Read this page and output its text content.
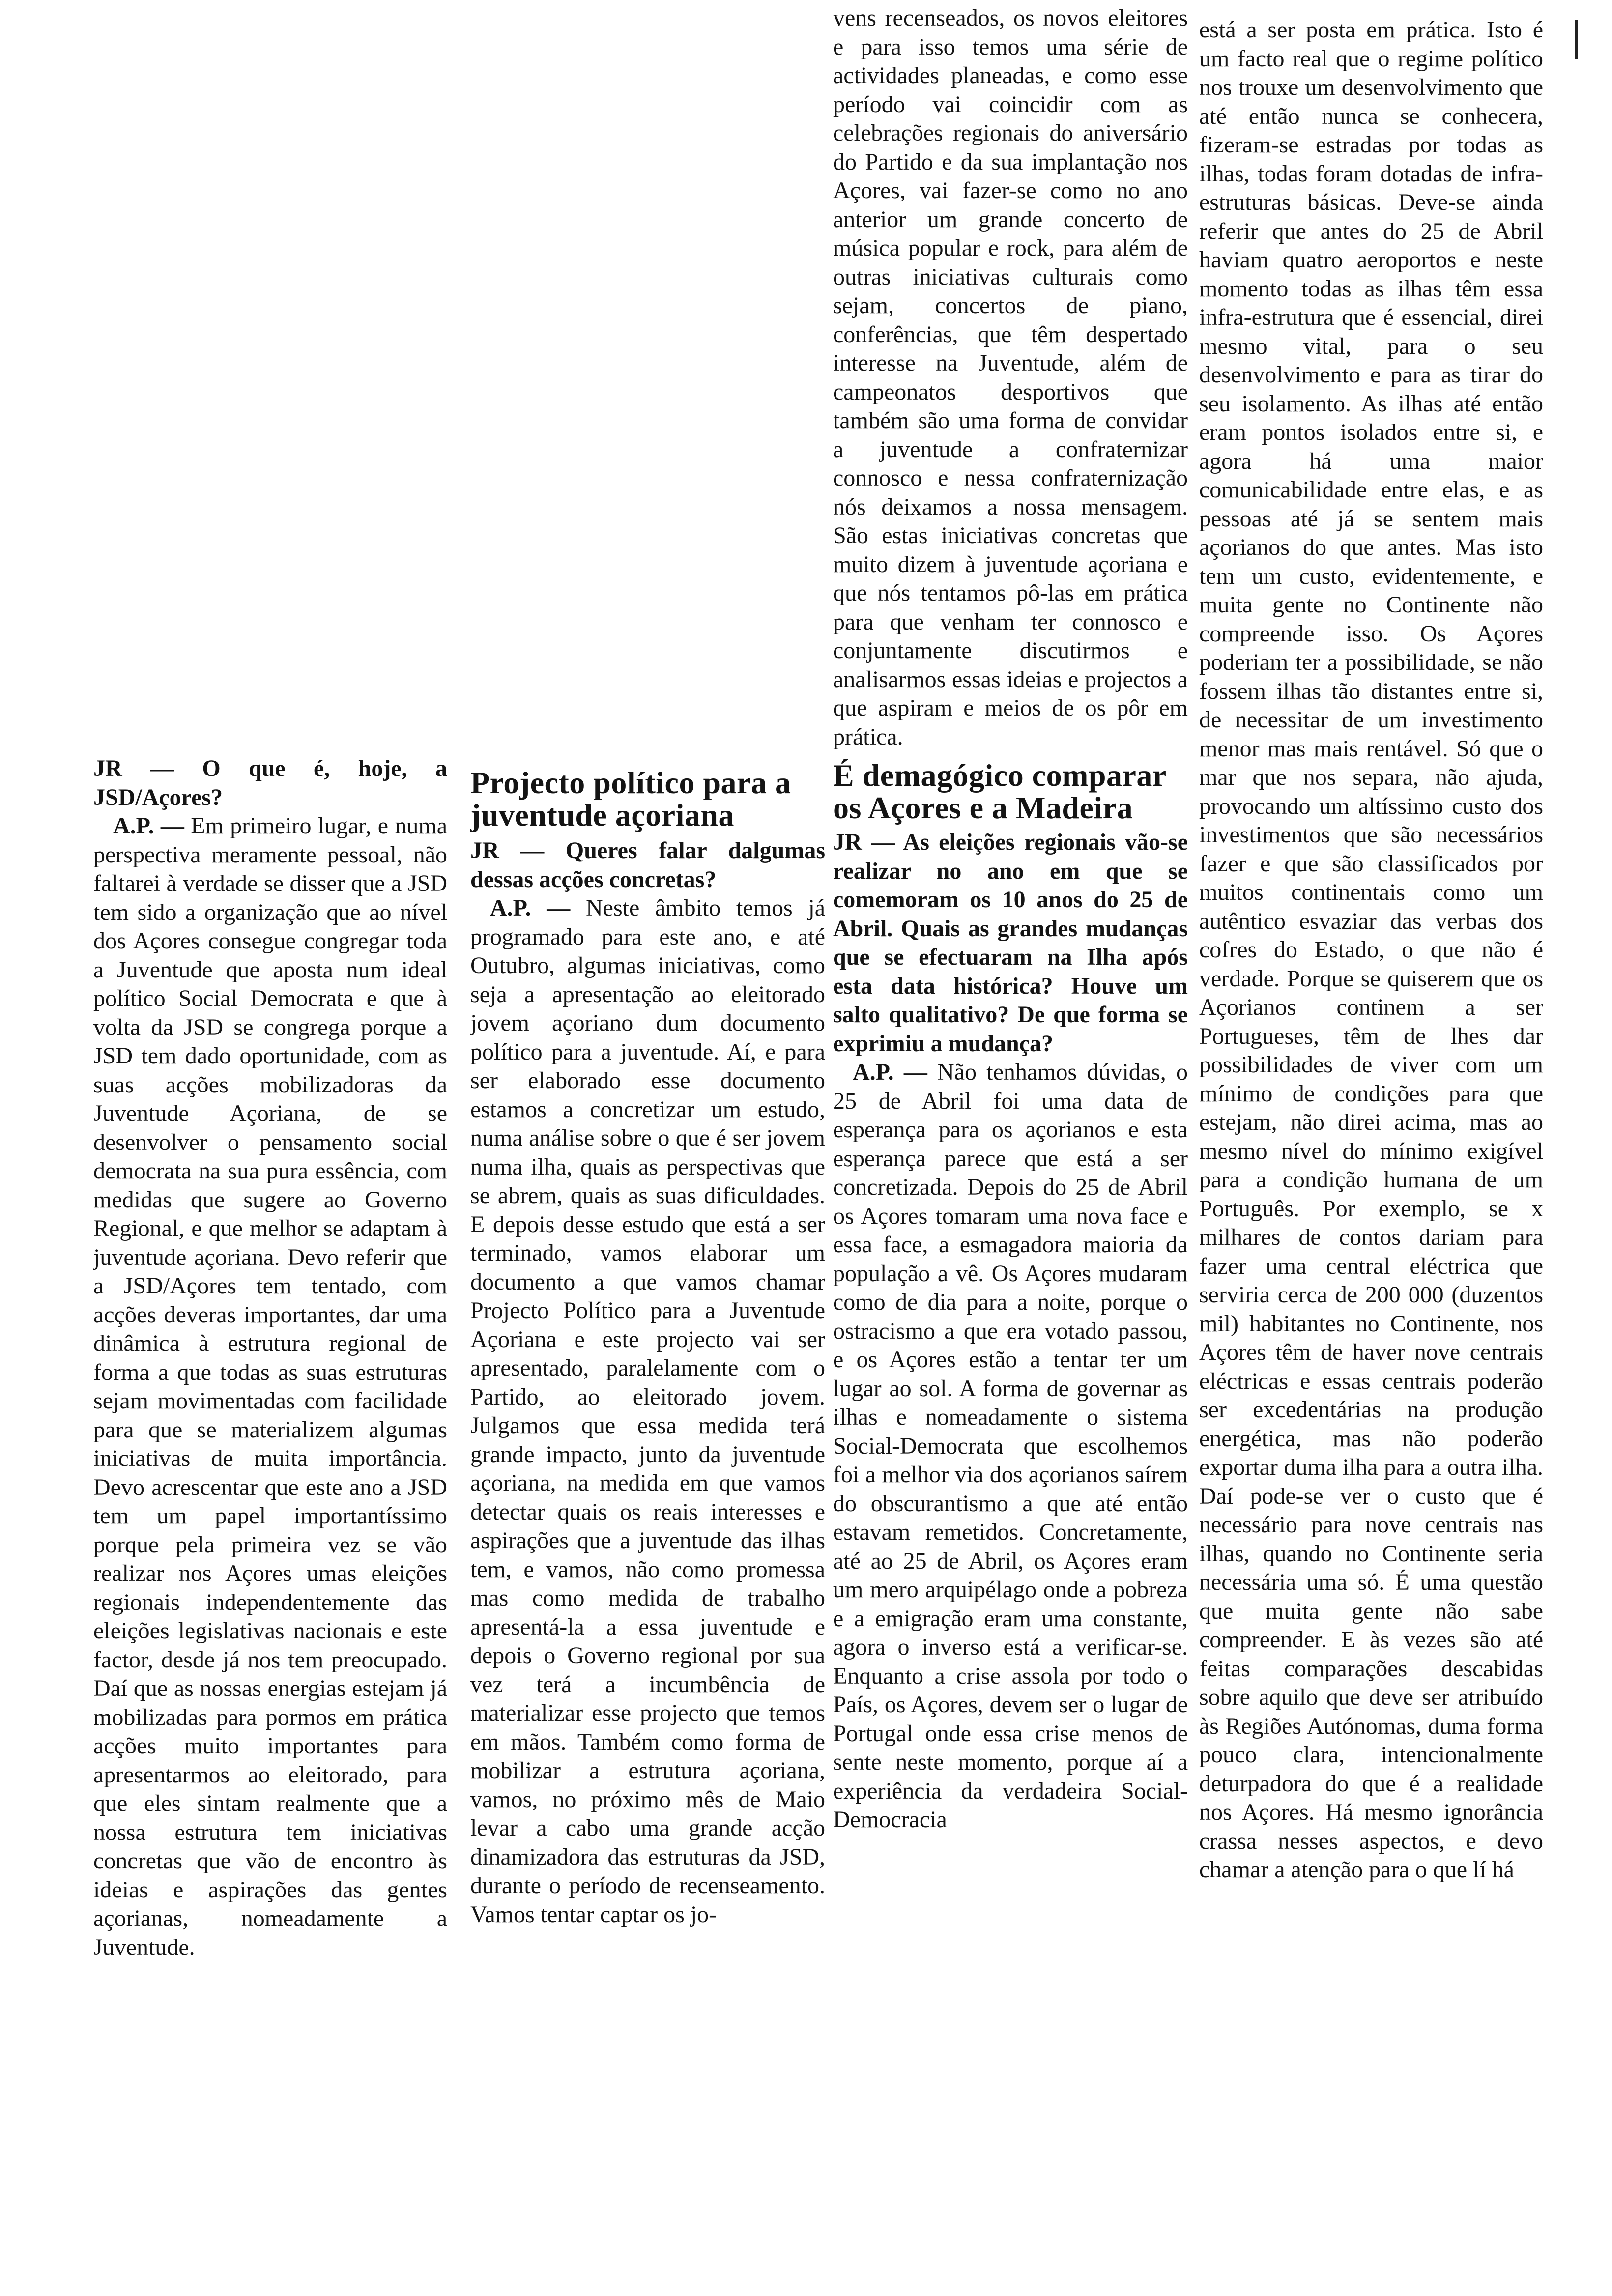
JR — O que é, hoje, a JSD/Açores?

A.P. — Em primeiro lugar, e numa perspectiva meramente pessoal, não faltarei à verdade se disser que a JSD tem sido a organização que ao nível dos Açores consegue congregar toda a Juventude que aposta num ideal político Social Democrata e que à volta da JSD se congrega porque a JSD tem dado oportunidade, com as suas acções mobilizadoras da Juventude Açoriana, de se desenvolver o pensamento social democrata na sua pura essência, com medidas que sugere ao Governo Regional, e que melhor se adaptam à juventude açoriana. Devo referir que a JSD/Açores tem tentado, com acções deveras importantes, dar uma dinâmica à estrutura regional de forma a que todas as suas estruturas sejam movimentadas com facilidade para que se materializem algumas iniciativas de muita importância. Devo acrescentar que este ano a JSD tem um papel importantíssimo porque pela primeira vez se vão realizar nos Açores umas eleições regionais independentemente das eleições legislativas nacionais e este factor, desde já nos tem preocupado. Daí que as nossas energias estejam já mobilizadas para pormos em prática acções muito importantes para apresentarmos ao eleitorado, para que eles sintam realmente que a nossa estrutura tem iniciativas concretas que vão de encontro às ideias e aspirações das gentes açorianas, nomeadamente a Juventude.

Projecto político para a juventude açoriana

JR — Queres falar dalgumas dessas acções concretas?

A.P. — Neste âmbito temos já programado para este ano, e até Outubro, algumas iniciativas, como seja a apresentação ao eleitorado jovem açoriano dum documento político para a juventude. Aí, e para ser elaborado esse documento estamos a concretizar um estudo, numa análise sobre o que é ser jovem numa ilha, quais as perspectivas que se abrem, quais as suas dificuldades. E depois desse estudo que está a ser terminado, vamos elaborar um documento a que vamos chamar Projecto Político para a Juventude Açoriana e este projecto vai ser apresentado, paralelamente com o Partido, ao eleitorado jovem. Julgamos que essa medida terá grande impacto, junto da juventude açoriana, na medida em que vamos detectar quais os reais interesses e aspirações que a juventude das ilhas tem, e vamos, não como promessa mas como medida de trabalho apresentá-la a essa juventude e depois o Governo regional por sua vez terá a incumbência de materializar esse projecto que temos em mãos. Também como forma de mobilizar a estrutura açoriana, vamos, no próximo mês de Maio levar a cabo uma grande acção dinamizadora das estruturas da JSD, durante o período de recenseamento. Vamos tentar captar os jo-

vens recenseados, os novos eleitores e para isso temos uma série de actividades planeadas, e como esse período vai coincidir com as celebrações regionais do aniversário do Partido e da sua implantação nos Açores, vai fazer-se como no ano anterior um grande concerto de música popular e rock, para além de outras iniciativas culturais como sejam, concertos de piano, conferências, que têm despertado interesse na Juventude, além de campeonatos desportivos que também são uma forma de convidar a juventude a confraternizar connosco e nessa confraternização nós deixamos a nossa mensagem. São estas iniciativas concretas que muito dizem à juventude açoriana e que nós tentamos pô-las em prática para que venham ter connosco e conjuntamente discutirmos e analisarmos essas ideias e projectos a que aspiram e meios de os pôr em prática.

É demagógico comparar os Açores e a Madeira

JR — As eleições regionais vão-se realizar no ano em que se comemoram os 10 anos do 25 de Abril. Quais as grandes mudanças que se efectuaram na Ilha após esta data histórica? Houve um salto qualitativo? De que forma se exprimiu a mudança?

A.P. — Não tenhamos dúvidas, o 25 de Abril foi uma data de esperança para os açorianos e esta esperança parece que está a ser concretizada. Depois do 25 de Abril os Açores tomaram uma nova face e essa face, a esmagadora maioria da população a vê. Os Açores mudaram como de dia para a noite, porque o ostracismo a que era votado passou, e os Açores estão a tentar ter um lugar ao sol. A forma de governar as ilhas e nomeadamente o sistema Social-Democrata que escolhemos foi a melhor via dos açorianos saírem do obscurantismo a que até então estavam remetidos. Concretamente, até ao 25 de Abril, os Açores eram um mero arquipélago onde a pobreza e a emigração eram uma constante, agora o inverso está a verificar-se. Enquanto a crise assola por todo o País, os Açores, devem ser o lugar de Portugal onde essa crise menos de sente neste momento, porque aí a experiência da verdadeira Social-Democracia

está a ser posta em prática. Isto é um facto real que o regime político nos trouxe um desenvolvimento que até então nunca se conhecera, fizeram-se estradas por todas as ilhas, todas foram dotadas de infra-estruturas básicas. Deve-se ainda referir que antes do 25 de Abril haviam quatro aeroportos e neste momento todas as ilhas têm essa infra-estrutura que é essencial, direi mesmo vital, para o seu desenvolvimento e para as tirar do seu isolamento. As ilhas até então eram pontos isolados entre si, e agora há uma maior comunicabilidade entre elas, e as pessoas até já se sentem mais açorianos do que antes. Mas isto tem um custo, evidentemente, e muita gente no Continente não compreende isso. Os Açores poderiam ter a possibilidade, se não fossem ilhas tão distantes entre si, de necessitar de um investimento menor mas mais rentável. Só que o mar que nos separa, não ajuda, provocando um altíssimo custo dos investimentos que são necessários fazer e que são classificados por muitos continentais como um autêntico esvaziar das verbas dos cofres do Estado, o que não é verdade. Porque se quiserem que os Açorianos continem a ser Portugueses, têm de lhes dar possibilidades de viver com um mínimo de condições para que estejam, não direi acima, mas ao mesmo nível do mínimo exigível para a condição humana de um Português. Por exemplo, se x milhares de contos dariam para fazer uma central eléctrica que serviria cerca de 200 000 (duzentos mil) habitantes no Continente, nos Açores têm de haver nove centrais eléctricas e essas centrais poderão ser excedentárias na produção energética, mas não poderão exportar duma ilha para a outra ilha. Daí pode-se ver o custo que é necessário para nove centrais nas ilhas, quando no Continente seria necessária uma só. É uma questão que muita gente não sabe compreender. E às vezes são até feitas comparações descabidas sobre aquilo que deve ser atribuído às Regiões Autónomas, duma forma pouco clara, intencionalmente deturpadora do que é a realidade nos Açores. Há mesmo ignorância crassa nesses aspectos, e devo chamar a atenção para o que lí há
